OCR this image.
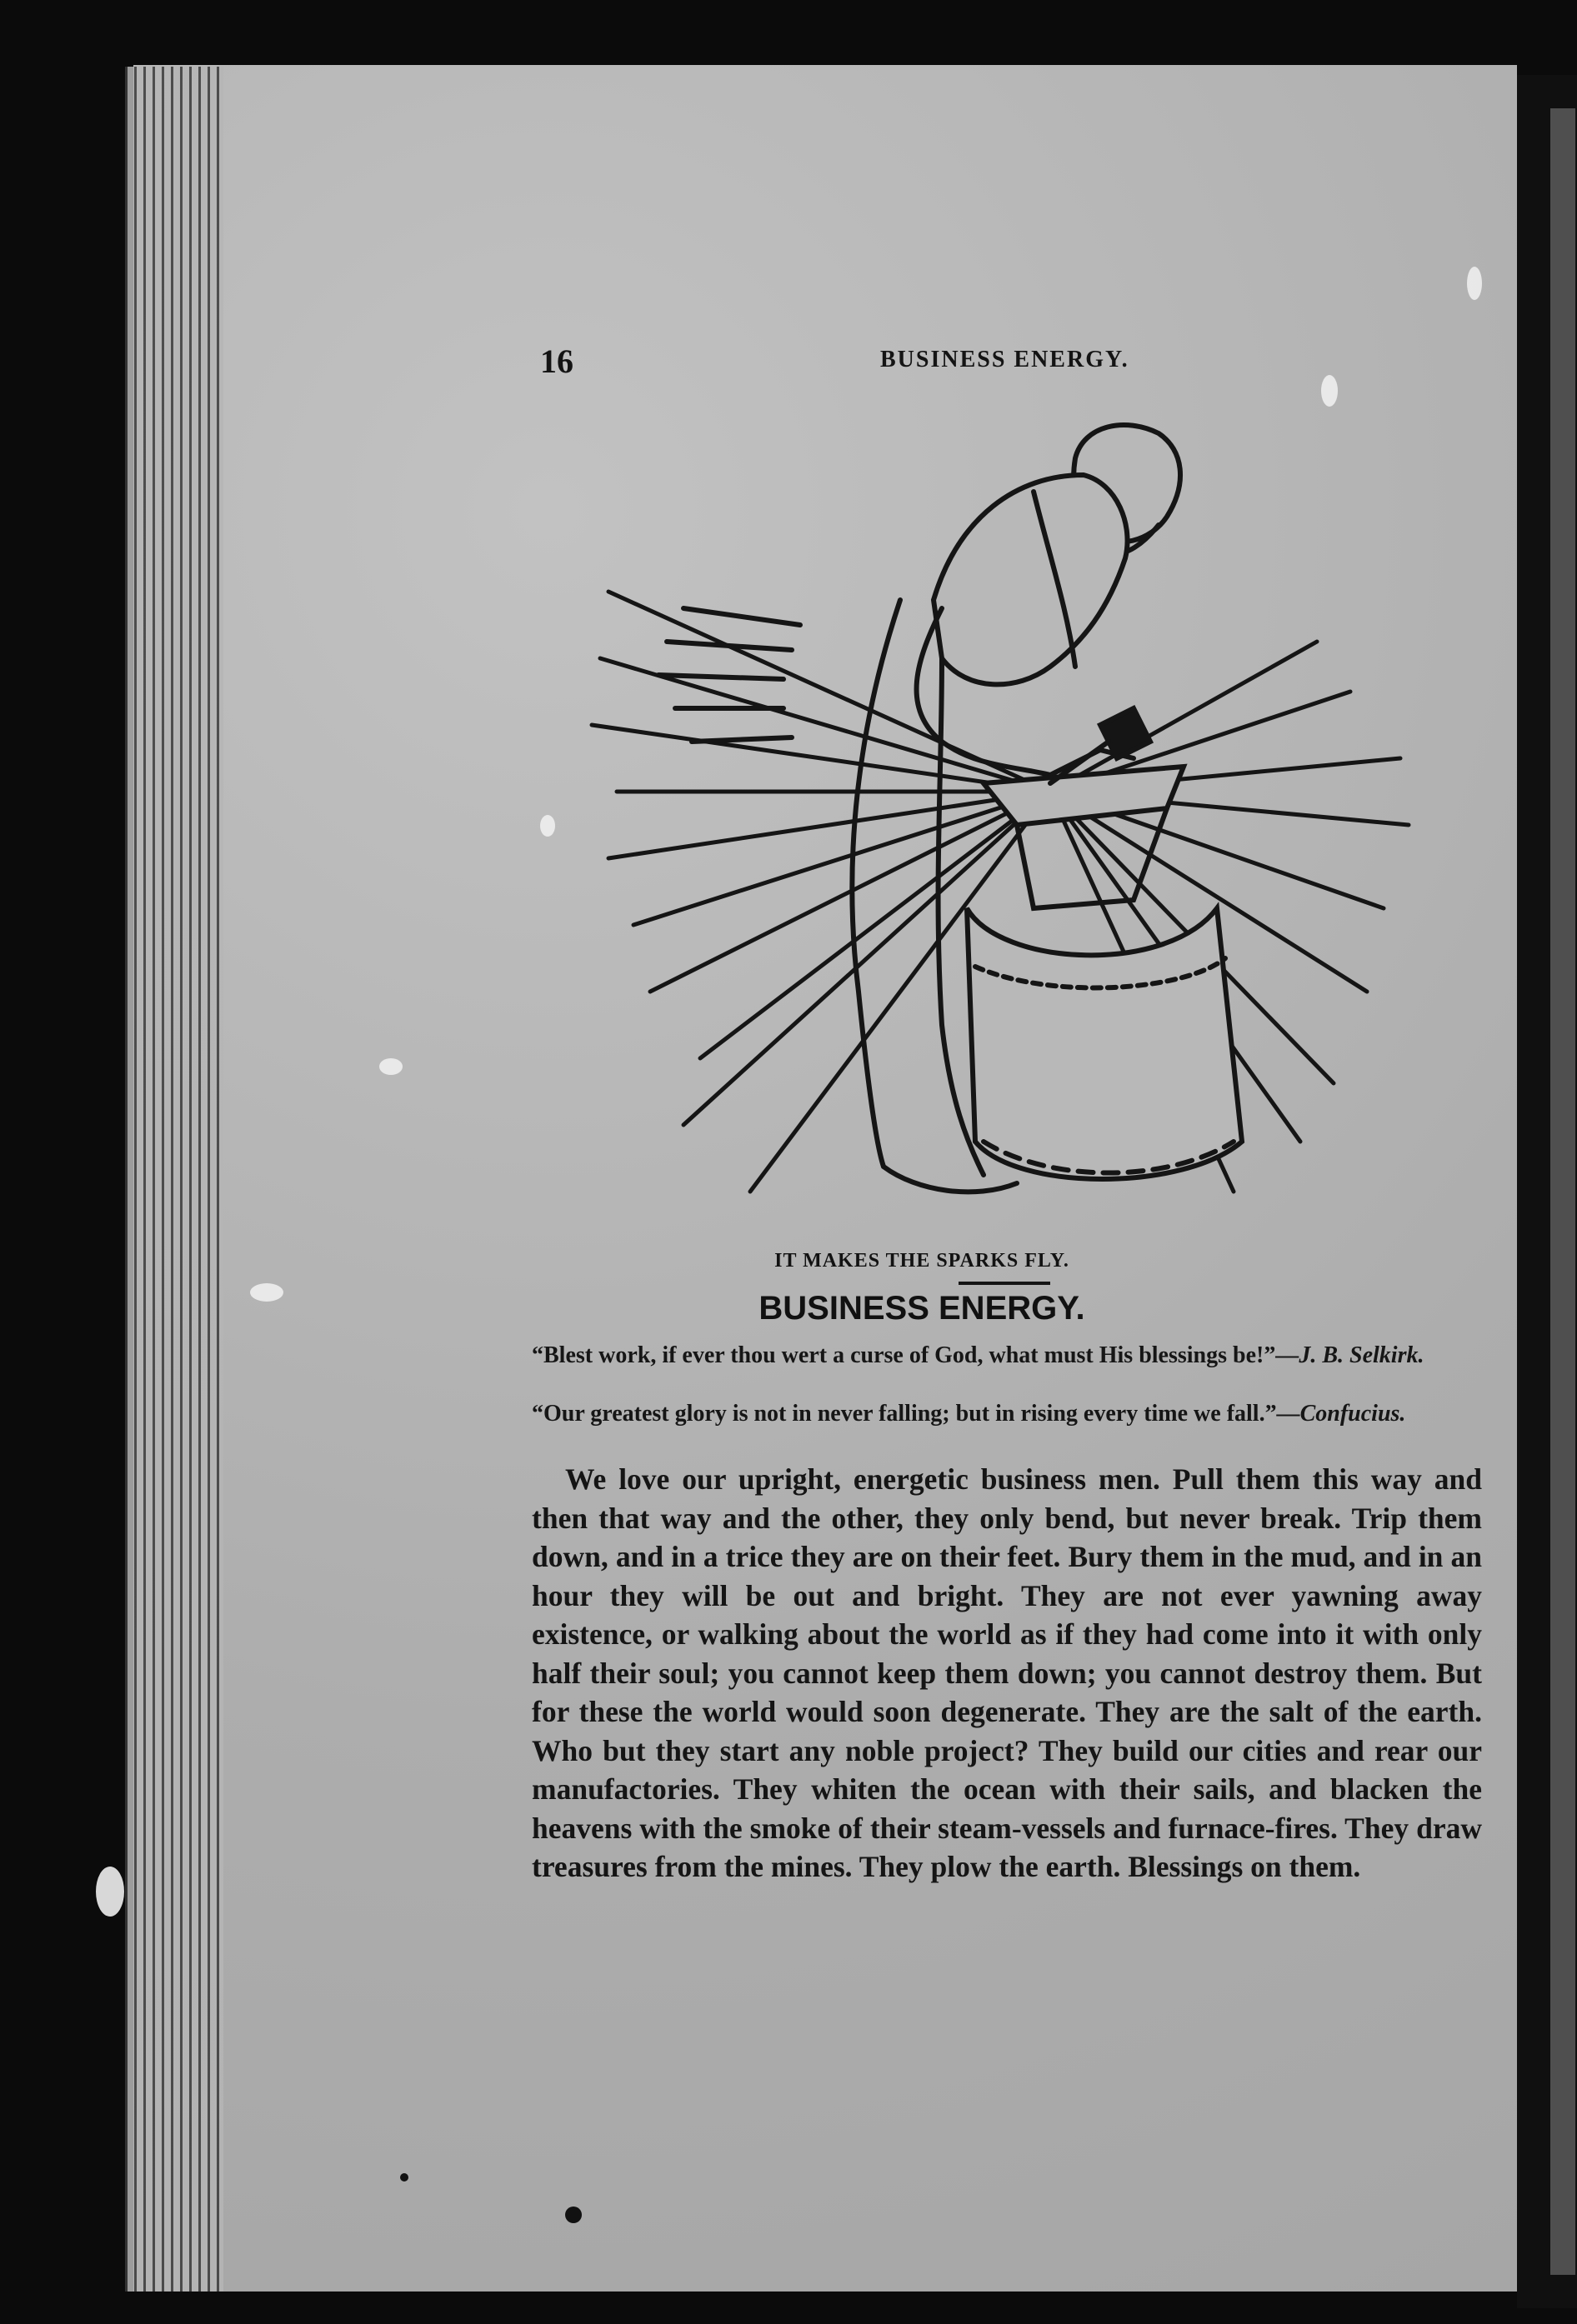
16	BUSINESS ENERGY.
IT MAKES THE SPARKS FLY.
BUSINESS ENERGY.
“Blest work, if ever thou wert a curse of God, what must His blessings be!”—J. B. Selkirk.
“Our greatest glory is not in never falling; but in rising every time we fall.”—Confucius.

We love our upright, energetic business men. Pull them this way and then that way and the other, they only bend, but never break. Trip them down, and in a trice they are on their feet. Bury them in the mud, and in an hour they will be out and bright. They are not ever yawning away existence, or walking about the world as if they had come into it with only half their soul; you cannot keep them down; you cannot destroy them. But for these the world would soon degenerate. They are the salt of the earth. Who but they start any noble project? They build our cities and rear our manufactories. They whiten the ocean with their sails, and blacken the heavens with the smoke of their steam-vessels and furnace-fires. They draw treasures from the mines. They plow the earth. Blessings on them.
